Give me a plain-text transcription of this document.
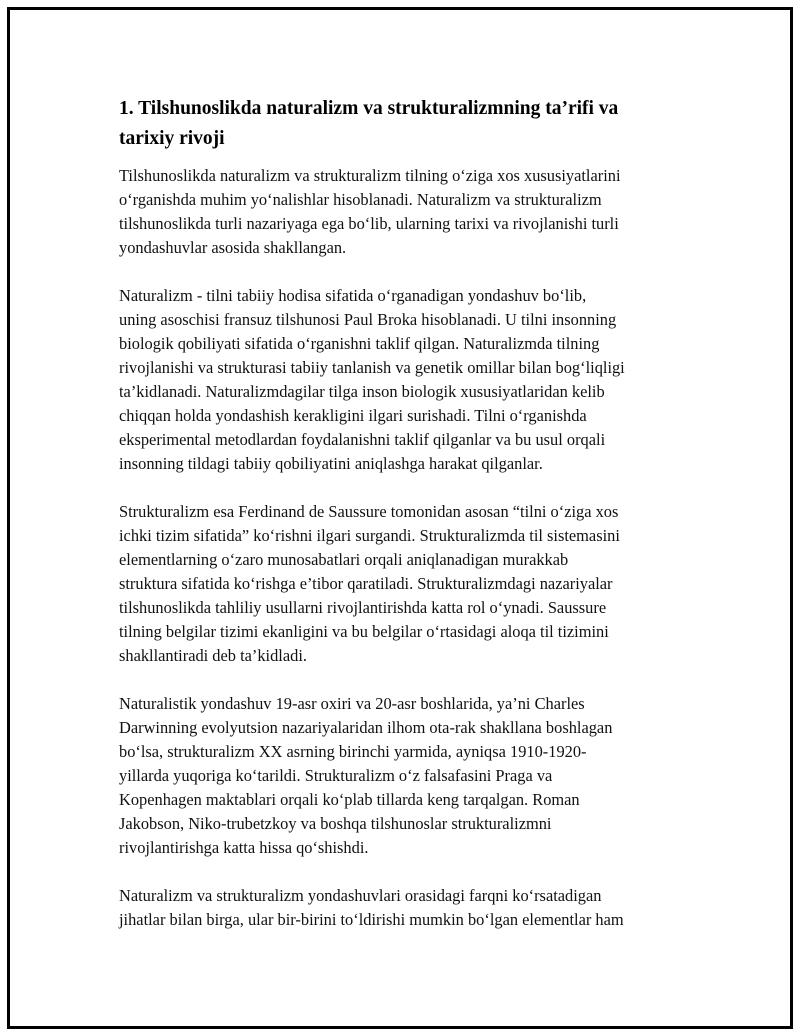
1. Tilshunoslikda naturalizm va strukturalizmning ta’rifi va
tarixiy rivoji

Tilshunoslikda naturalizm va strukturalizm tilning o‘ziga xos xususiyatlarini
o‘rganishda muhim yo‘nalishlar hisoblanadi. Naturalizm va strukturalizm
tilshunoslikda turli nazariyaga ega bo‘lib, ularning tarixi va rivojlanishi turli
yondashuvlar asosida shakllangan.

Naturalizm - tilni tabiiy hodisa sifatida o‘rganadigan yondashuv bo‘lib,
uning asoschisi fransuz tilshunosi Paul Broka hisoblanadi. U tilni insonning
biologik qobiliyati sifatida o‘rganishni taklif qilgan. Naturalizmda tilning
rivojlanishi va strukturasi tabiiy tanlanish va genetik omillar bilan bog‘liqligi
ta’kidlanadi. Naturalizmdagilar tilga inson biologik xususiyatlaridan kelib
chiqqan holda yondashish kerakligini ilgari surishadi. Tilni o‘rganishda
eksperimental metodlardan foydalanishni taklif qilganlar va bu usul orqali
insonning tildagi tabiiy qobiliyatini aniqlashga harakat qilganlar.

Strukturalizm esa Ferdinand de Saussure tomonidan asosan “tilni o‘ziga xos
ichki tizim sifatida” ko‘rishni ilgari surgandi. Strukturalizmda til sistemasini
elementlarning o‘zaro munosabatlari orqali aniqlanadigan murakkab
struktura sifatida ko‘rishga e’tibor qaratiladi. Strukturalizmdagi nazariyalar
tilshunoslikda tahliliy usullarni rivojlantirishda katta rol o‘ynadi. Saussure
tilning belgilar tizimi ekanligini va bu belgilar o‘rtasidagi aloqa til tizimini
shakllantiradi deb ta’kidladi.

Naturalistik yondashuv 19-asr oxiri va 20-asr boshlarida, ya’ni Charles
Darwinning evolyutsion nazariyalaridan ilhom ota-rak shakllana boshlagan
bo‘lsa, strukturalizm XX asrning birinchi yarmida, ayniqsa 1910-1920-
yillarda yuqoriga ko‘tarildi. Strukturalizm o‘z falsafasini Praga va
Kopenhagen maktablari orqali ko‘plab tillarda keng tarqalgan. Roman
Jakobson, Niko-trubetzkoy va boshqa tilshunoslar strukturalizmni
rivojlantirishga katta hissa qo‘shishdi.

Naturalizm va strukturalizm yondashuvlari orasidagi farqni ko‘rsatadigan
jihatlar bilan birga, ular bir-birini to‘ldirishi mumkin bo‘lgan elementlar ham
